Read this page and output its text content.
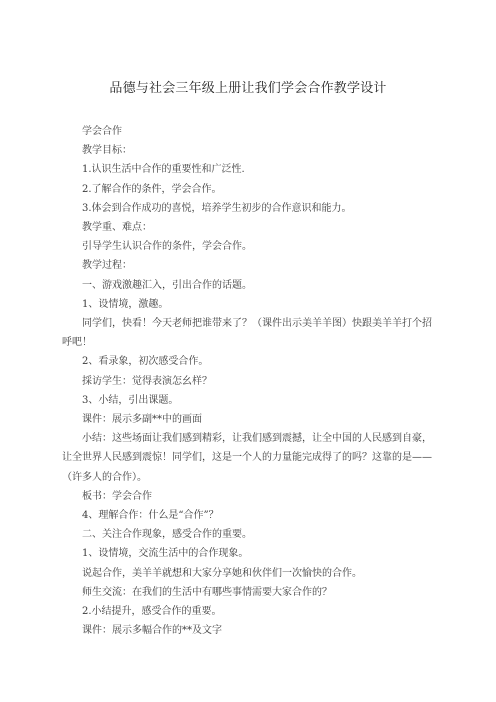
品德与社会三年级上册让我们学会合作教学设计

学会合作

教学目标：

1.认识生活中合作的重要性和广泛性.

2.了解合作的条件，学会合作。

3.体会到合作成功的喜悦，培养学生初步的合作意识和能力。

教学重、难点：

引导学生认识合作的条件，学会合作。

教学过程：

一、游戏激趣汇入，引出合作的话题。

1、设情境，激趣。

同学们，快看！今天老师把谁带来了？（课件出示美羊羊图）快跟美羊羊打个招呼吧！

2、看录象，初次感受合作。

採访学生：觉得表演怎幺样？

3、小结，引出课题。

课件：展示多副**中的画面

小结：这些场面让我们感到精彩，让我们感到震撼，让全中国的人民感到自豪，让全世界人民感到震惊！同学们，这是一个人的力量能完成得了的吗？这靠的是——（许多人的合作）。

板书：学会合作

4、理解合作：什么是“合作”？

二、关注合作现象，感受合作的重要。

1、设情境，交流生活中的合作现象。

说起合作，美羊羊就想和大家分享她和伙伴们一次愉快的合作。

师生交流：在我们的生活中有哪些事情需要大家合作的？

2.小结提升，感受合作的重要。

课件：展示多幅合作的**及文字
